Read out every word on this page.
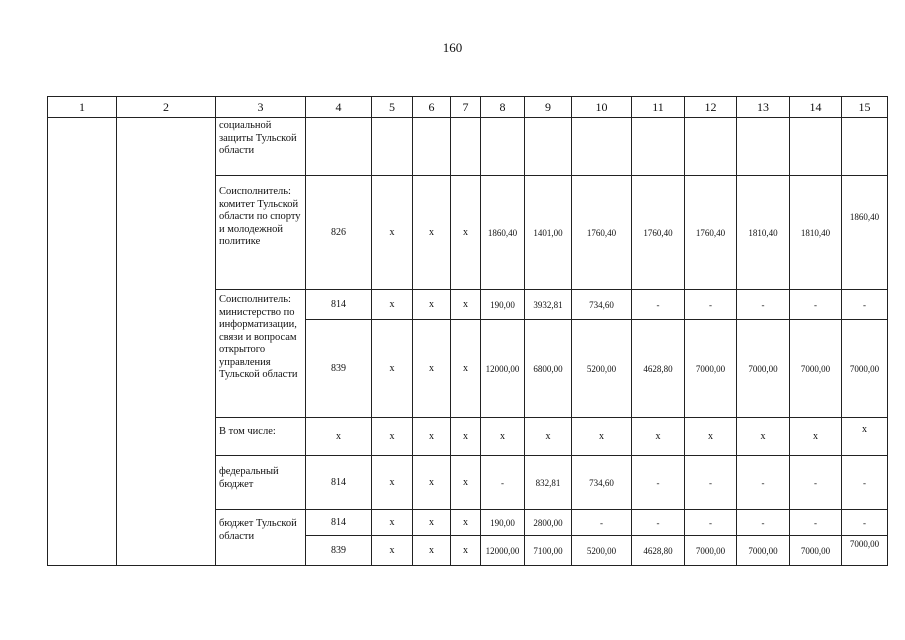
160
1	2	3	4	5	6	7	8	9	10	11	12	13	14	15
		социальной защиты Тульской области												
		Соисполнитель: комитет Тульской области по спорту и молодежной политике	826	х	х	х	1860,40	1401,00	1760,40	1760,40	1760,40	1810,40	1810,40	1860,40
		Соисполнитель: министерство по информатизации, связи и вопросам открытого управления Тульской области	814	х	х	х	190,00	3932,81	734,60	-	-	-	-	-
			839	х	х	х	12000,00	6800,00	5200,00	4628,80	7000,00	7000,00	7000,00	7000,00
		В том числе:	х	х	х	х	х	х	х	х	х	х	х	х
		федеральный бюджет	814	х	х	х	-	832,81	734,60	-	-	-	-	-
		бюджет Тульской области	814	х	х	х	190,00	2800,00	-	-	-	-	-	-
			839	х	х	х	12000,00	7100,00	5200,00	4628,80	7000,00	7000,00	7000,00	7000,00
